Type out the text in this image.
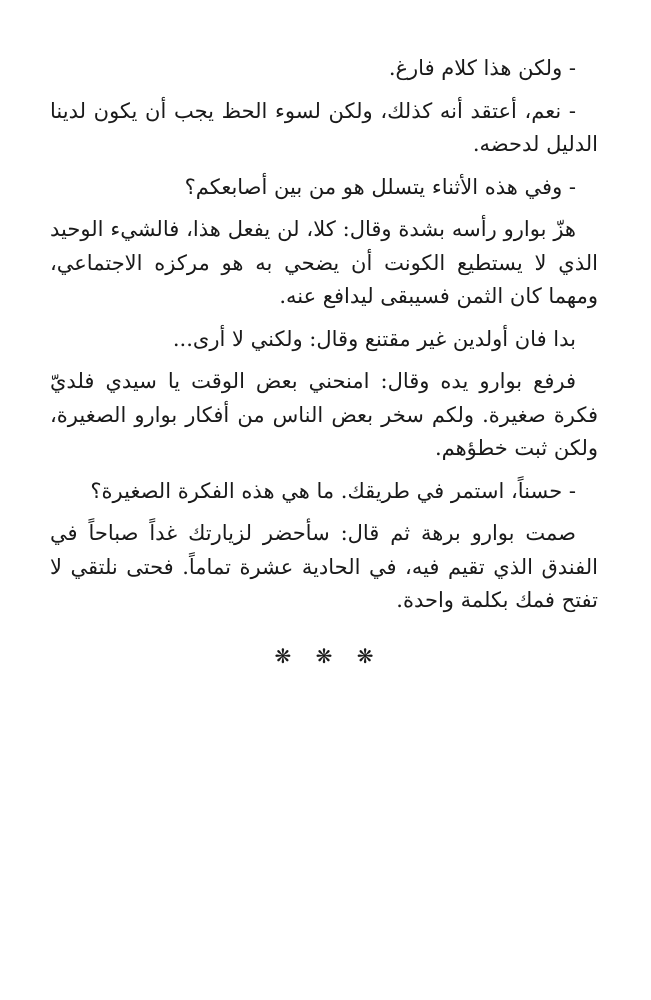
- ولكن هذا كلام فارغ.

- نعم، أعتقد أنه كذلك، ولكن لسوء الحظ يجب أن يكون لدينا الدليل لدحضه.

- وفي هذه الأثناء يتسلل هو من بين أصابعكم؟

هزّ بوارو رأسه بشدة وقال: كلا، لن يفعل هذا، فالشيء الوحيد الذي لا يستطيع الكونت أن يضحي به هو مركزه الاجتماعي، ومهما كان الثمن فسيبقى ليدافع عنه.

بدا فان أولدين غير مقتنع وقال: ولكني لا أرى...

فرفع بوارو يده وقال: امنحني بعض الوقت يا سيدي فلديّ فكرة صغيرة. ولكم سخر بعض الناس من أفكار بوارو الصغيرة، ولكن ثبت خطؤهم.

- حسناً، استمر في طريقك. ما هي هذه الفكرة الصغيرة؟

صمت بوارو برهة ثم قال: سأحضر لزيارتك غداً صباحاً في الفندق الذي تقيم فيه، في الحادية عشرة تماماً. فحتى نلتقي لا تفتح فمك بكلمة واحدة.

❋ ❋ ❋
